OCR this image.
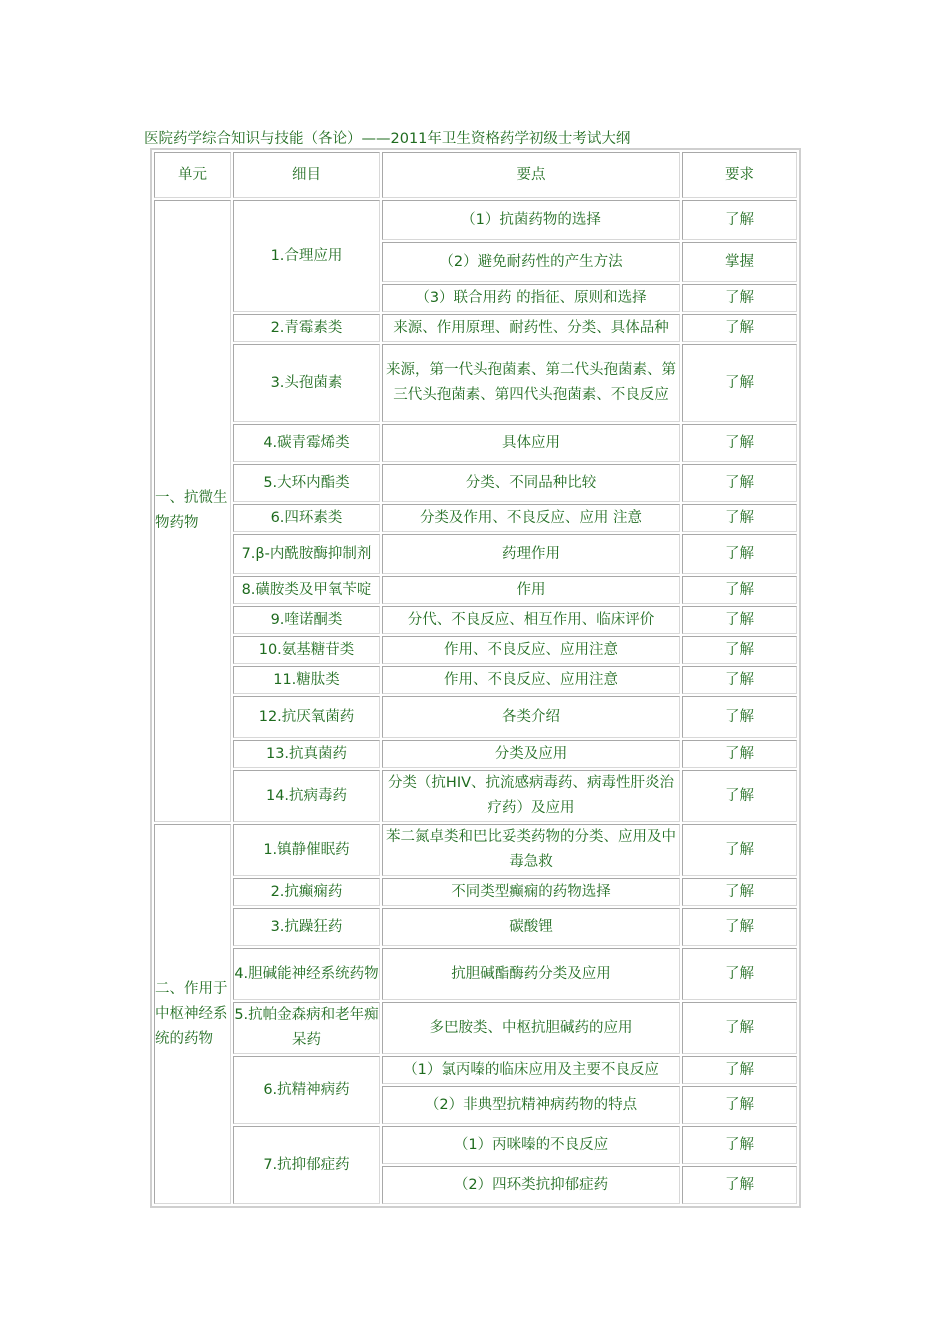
医院药学综合知识与技能（各论）——2011年卫生资格药学初级士考试大纲
单元	细目	要点	要求
一、抗微生物药物	1.合理应用	（1）抗菌药物的选择	了解
		（2）避免耐药性的产生方法	掌握
		（3）联合用药 的指征、原则和选择	了解
	2.青霉素类	来源、作用原理、耐药性、分类、具体品种	了解
	3.头孢菌素	来源，第一代头孢菌素、第二代头孢菌素、第三代头孢菌素、第四代头孢菌素、不良反应	了解
	4.碳青霉烯类	具体应用	了解
	5.大环内酯类	分类、不同品种比较	了解
	6.四环素类	分类及作用、不良反应、应用 注意	了解
	7.β-内酰胺酶抑制剂	药理作用	了解
	8.磺胺类及甲氧苄啶	作用	了解
	9.喹诺酮类	分代、不良反应、相互作用、临床评价	了解
	10.氨基糖苷类	作用、不良反应、应用注意	了解
	11.糖肽类	作用、不良反应、应用注意	了解
	12.抗厌氧菌药	各类介绍	了解
	13.抗真菌药	分类及应用	了解
	14.抗病毒药	分类（抗HIV、抗流感病毒药、病毒性肝炎治疗药）及应用	了解
二、作用于中枢神经系统的药物	1.镇静催眠药	苯二氮卓类和巴比妥类药物的分类、应用及中毒急救	了解
	2.抗癫痫药	不同类型癫痫的药物选择	了解
	3.抗躁狂药	碳酸锂	了解
	4.胆碱能神经系统药物	抗胆碱酯酶药分类及应用	了解
	5.抗帕金森病和老年痴呆药	多巴胺类、中枢抗胆碱药的应用	了解
	6.抗精神病药	（1）氯丙嗪的临床应用及主要不良反应	了解
		（2）非典型抗精神病药物的特点	了解
	7.抗抑郁症药	（1）丙咪嗪的不良反应	了解
		（2）四环类抗抑郁症药	了解
